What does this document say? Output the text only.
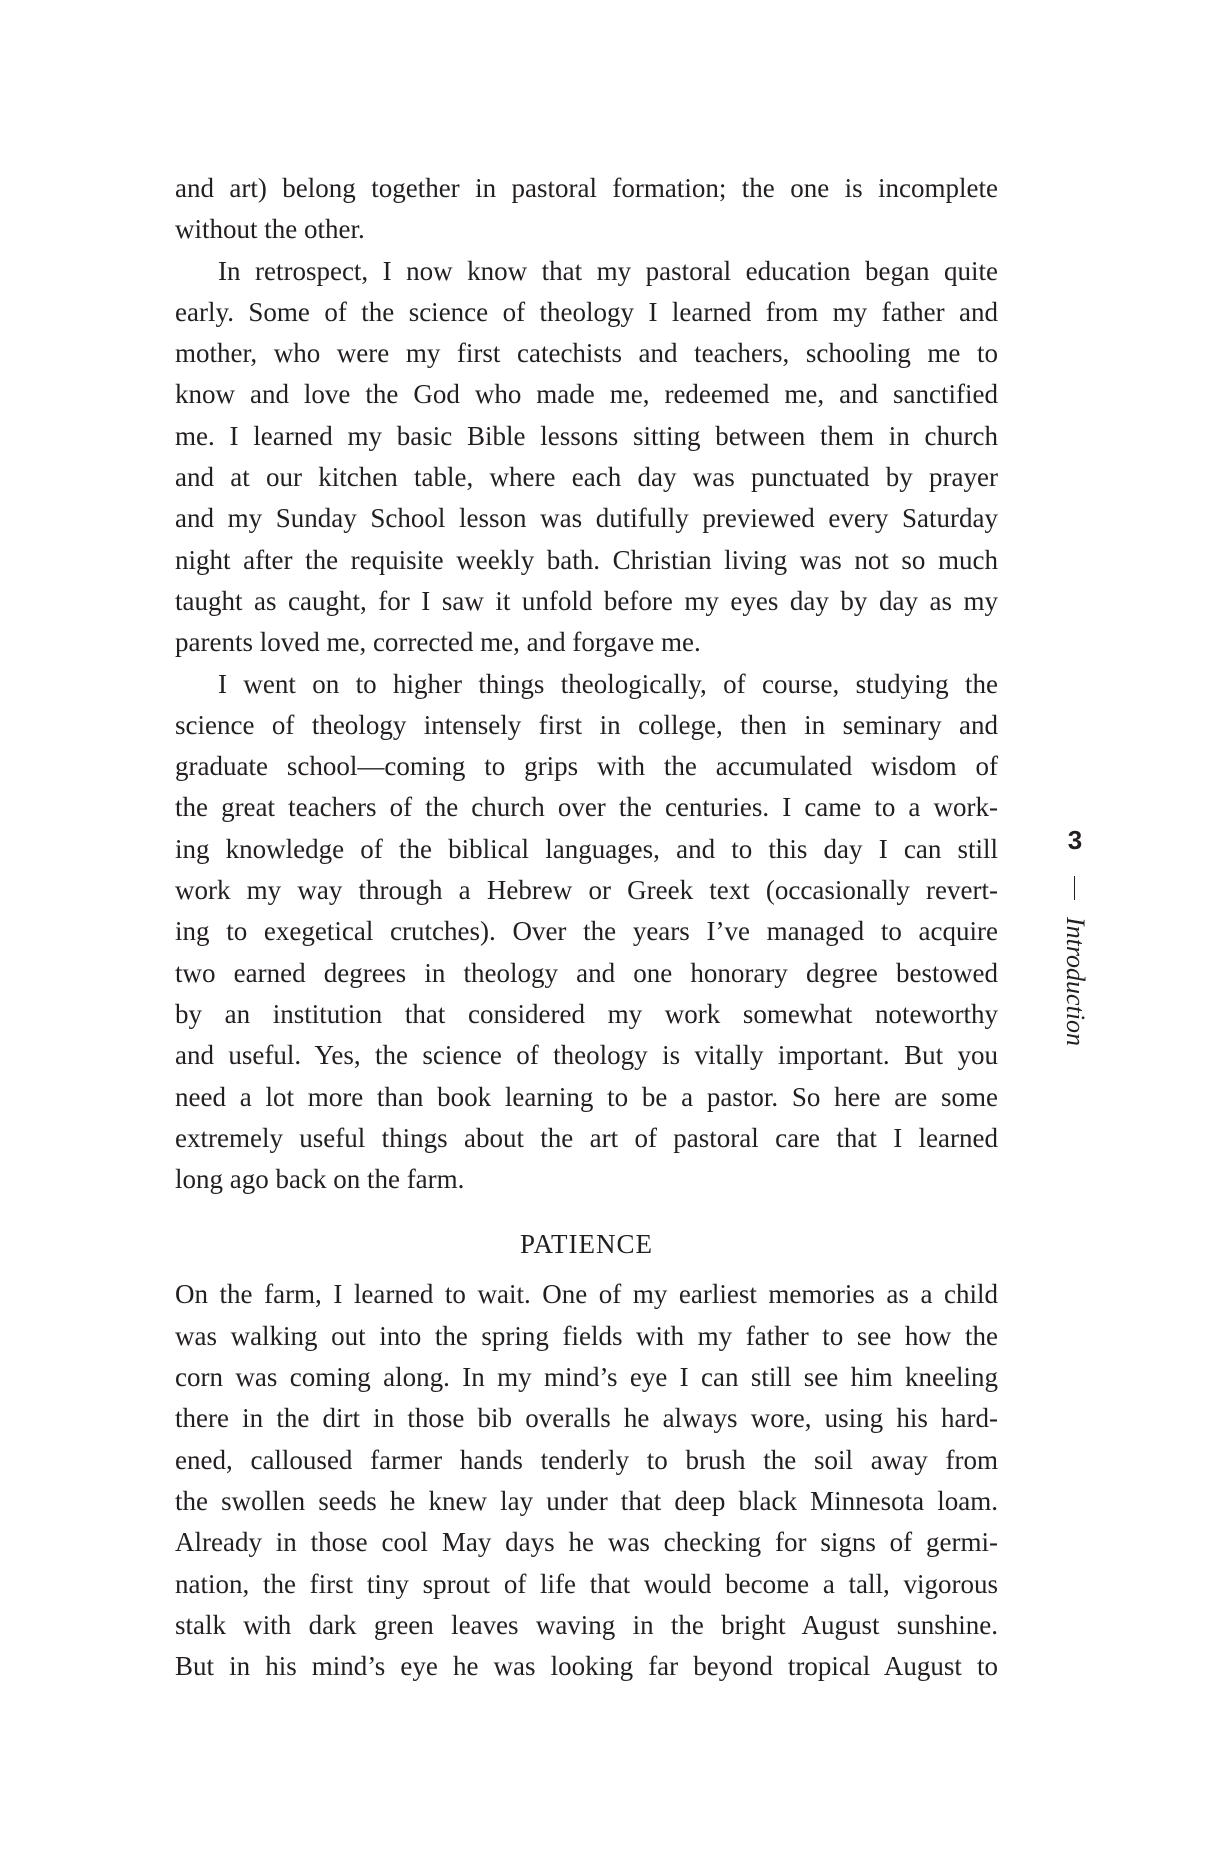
and art) belong together in pastoral formation; the one is incomplete
without the other.
In retrospect, I now know that my pastoral education began quite
early. Some of the science of theology I learned from my father and
mother, who were my first catechists and teachers, schooling me to
know and love the God who made me, redeemed me, and sanctified
me. I learned my basic Bible lessons sitting between them in church
and at our kitchen table, where each day was punctuated by prayer
and my Sunday School lesson was dutifully previewed every Saturday
night after the requisite weekly bath. Christian living was not so much
taught as caught, for I saw it unfold before my eyes day by day as my
parents loved me, corrected me, and forgave me.
I went on to higher things theologically, of course, studying the
science of theology intensely first in college, then in seminary and
graduate school—coming to grips with the accumulated wisdom of
the great teachers of the church over the centuries. I came to a work-
ing knowledge of the biblical languages, and to this day I can still
work my way through a Hebrew or Greek text (occasionally revert-
ing to exegetical crutches). Over the years I’ve managed to acquire
two earned degrees in theology and one honorary degree bestowed
by an institution that considered my work somewhat noteworthy
and useful. Yes, the science of theology is vitally important. But you
need a lot more than book learning to be a pastor. So here are some
extremely useful things about the art of pastoral care that I learned
long ago back on the farm.
PATIENCE
On the farm, I learned to wait. One of my earliest memories as a child
was walking out into the spring fields with my father to see how the
corn was coming along. In my mind’s eye I can still see him kneeling
there in the dirt in those bib overalls he always wore, using his hard-
ened, calloused farmer hands tenderly to brush the soil away from
the swollen seeds he knew lay under that deep black Minnesota loam.
Already in those cool May days he was checking for signs of germi-
nation, the first tiny sprout of life that would become a tall, vigorous
stalk with dark green leaves waving in the bright August sunshine.
But in his mind’s eye he was looking far beyond tropical August to
3
Introduction
